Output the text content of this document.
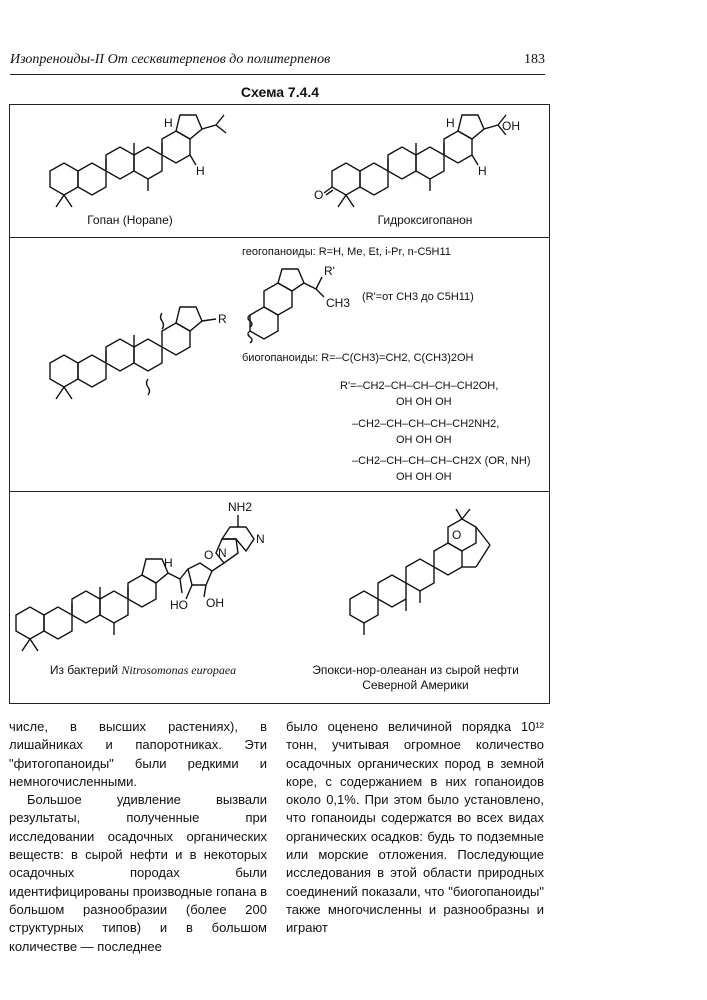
Изопреноиды-II От сесквитерпенов до политерпенов	183
Схема 7.4.4
H
H
Гопан (Hopane)
O
H
H
OH
Гидроксигопанон
геогопаноиды: R=H, Me, Et, i-Pr, n-C5H11
R'
CH3 (R'=от CH3 до C5H11)
R
биогопаноиды: R=–C(CH3)=CH2, C(CH3)2OH
R'=–CH2–CH–CH–CH–CH2OH,
OH OH OH
–CH2–CH–CH–CH–CH2NH2,
OH OH OH
–CH2–CH–CH–CH–CH2X (OR, NH)
OH OH OH
H
O
OH
HO
NH2
N
N
Из бактерий Nitrosomonas europaea
O
Эпокси-нор-олеанан из сырой нефти
Северной Америки

числе, в высших растениях), в лишайниках и папоротниках. Эти "фитогопаноиды" были редкими и немногочисленными.

Большое удивление вызвали результаты, полученные при исследовании осадочных органических веществ: в сырой нефти и в некоторых осадочных породах были идентифицированы производные гопана в большом разнообразии (более 200 структурных типов) и в большом количестве — последнее

было оценено величиной порядка 10¹² тонн, учитывая огромное количество осадочных органических пород в земной коре, с содержанием в них гопаноидов около 0,1%. При этом было установлено, что гопаноиды содержатся во всех видах органических осадков: будь то подземные или морские отложения. Последующие исследования в этой области природных соединений показали, что "биогопаноиды" также многочисленны и разнообразны и играют
